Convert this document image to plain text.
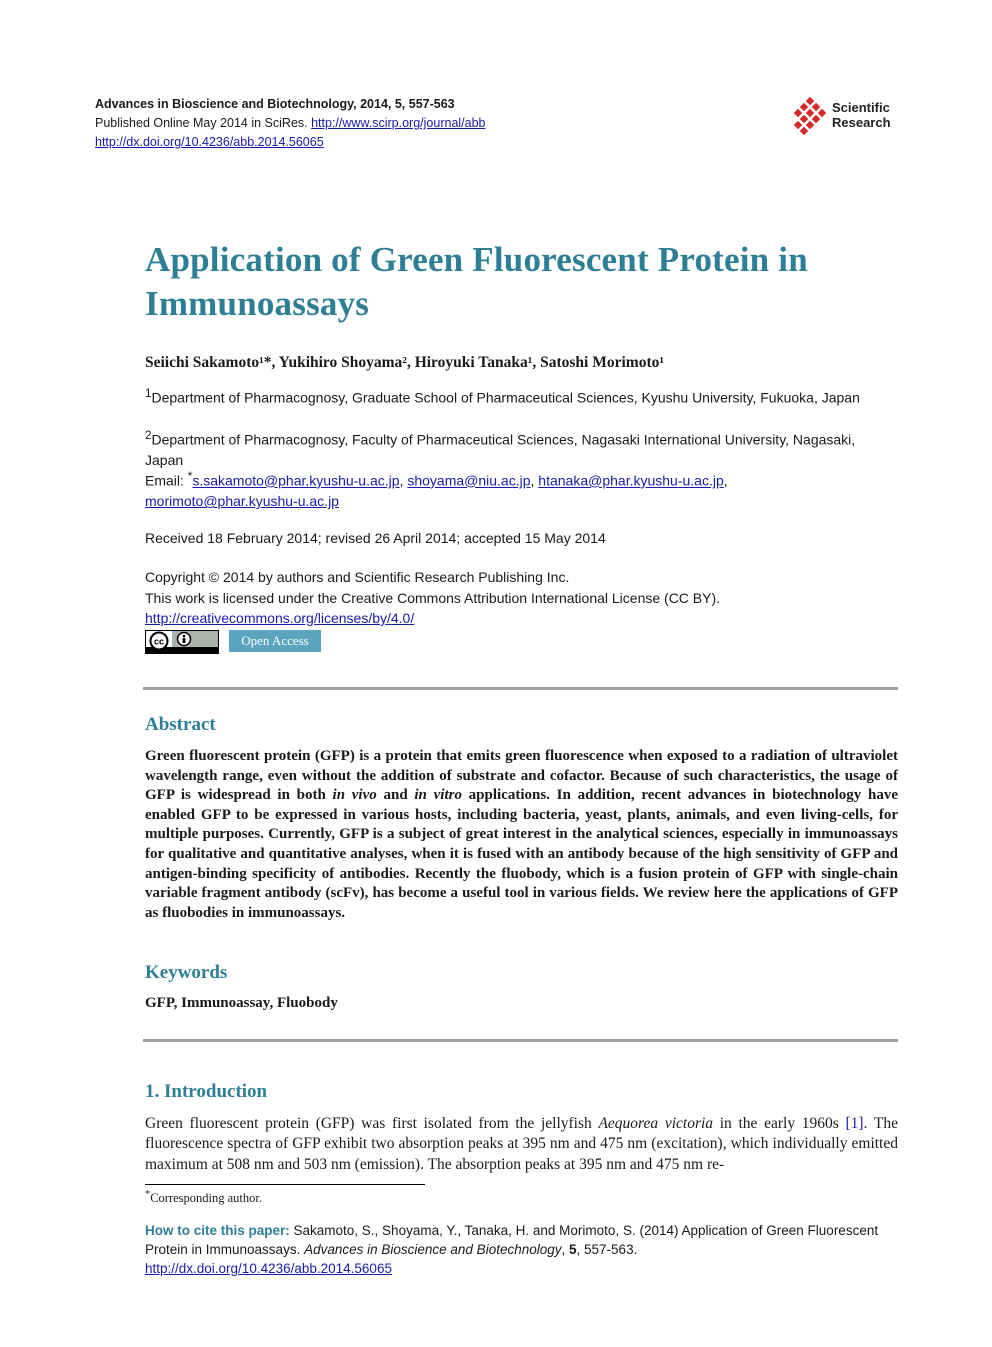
Advances in Bioscience and Biotechnology, 2014, 5, 557-563
Published Online May 2014 in SciRes. http://www.scirp.org/journal/abb
http://dx.doi.org/10.4236/abb.2014.56065
Scientific
Research
Application of Green Fluorescent Protein in Immunoassays
Seiichi Sakamoto¹*, Yukihiro Shoyama², Hiroyuki Tanaka¹, Satoshi Morimoto¹
$^1$Department of Pharmacognosy, Graduate School of Pharmaceutical Sciences, Kyushu University, Fukuoka, Japan
$^2$Department of Pharmacognosy, Faculty of Pharmaceutical Sciences, Nagasaki International University, Nagasaki, Japan
Email: *s.sakamoto@phar.kyushu-u.ac.jp, shoyama@niu.ac.jp, htanaka@phar.kyushu-u.ac.jp,
morimoto@phar.kyushu-u.ac.jp
Received 18 February 2014; revised 26 April 2014; accepted 15 May 2014
Copyright © 2014 by authors and Scientific Research Publishing Inc.
This work is licensed under the Creative Commons Attribution International License (CC BY).
http://creativecommons.org/licenses/by/4.0/
cc	Open Access
Abstract
Green fluorescent protein (GFP) is a protein that emits green fluorescence when exposed to a radiation of ultraviolet wavelength range, even without the addition of substrate and cofactor. Because of such characteristics, the usage of GFP is widespread in both in vivo and in vitro applications. In addition, recent advances in biotechnology have enabled GFP to be expressed in various hosts, including bacteria, yeast, plants, animals, and even living-cells, for multiple purposes. Currently, GFP is a subject of great interest in the analytical sciences, especially in immunoassays for qualitative and quantitative analyses, when it is fused with an antibody because of the high sensitivity of GFP and antigen-binding specificity of antibodies. Recently the fluobody, which is a fusion protein of GFP with single-chain variable fragment antibody (scFv), has become a useful tool in various fields. We review here the applications of GFP as fluobodies in immunoassays.
Keywords
GFP, Immunoassay, Fluobody
1. Introduction
Green fluorescent protein (GFP) was first isolated from the jellyfish Aequorea victoria in the early 1960s [1]. The fluorescence spectra of GFP exhibit two absorption peaks at 395 nm and 475 nm (excitation), which individually emitted maximum at 508 nm and 503 nm (emission). The absorption peaks at 395 nm and 475 nm re-
*Corresponding author.
How to cite this paper: Sakamoto, S., Shoyama, Y., Tanaka, H. and Morimoto, S. (2014) Application of Green Fluorescent Protein in Immunoassays. Advances in Bioscience and Biotechnology, 5, 557-563.
http://dx.doi.org/10.4236/abb.2014.56065
